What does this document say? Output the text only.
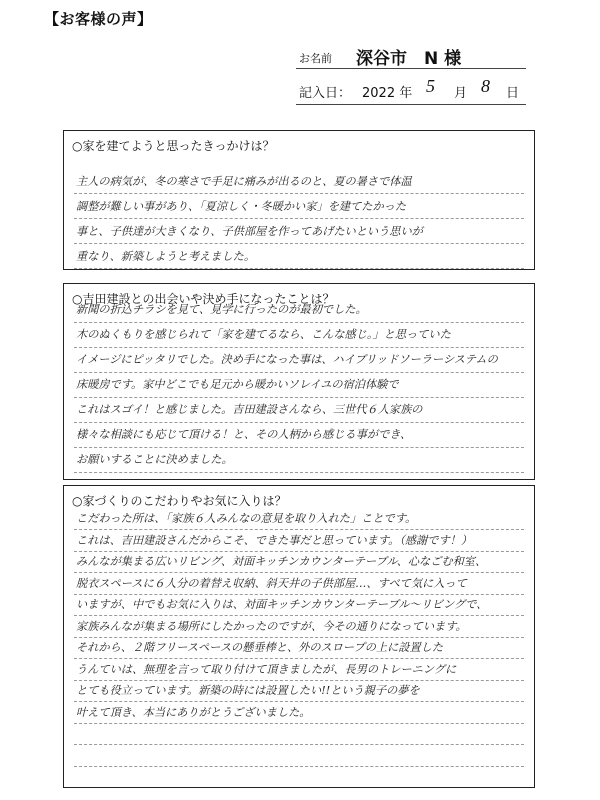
【お客様の声】
お名前 深谷市　N 様
記入日： 2022 年 5 月 8 日
○家を建てようと思ったきっかけは？
主人の病気が、冬の寒さで手足に痛みが出るのと、夏の暑さで体温
調整が難しい事があり、「夏涼しく・冬暖かい家」を建てたかった
事と、子供達が大きくなり、子供部屋を作ってあげたいという思いが
重なり、新築しようと考えました。
○吉田建設との出会いや決め手になったことは？
新聞の折込チラシを見て、見学に行ったのが最初でした。
木のぬくもりを感じられて「家を建てるなら、こんな感じ。」と思っていた
イメージにピッタリでした。決め手になった事は、ハイブリッドソーラーシステムの
床暖房です。家中どこでも足元から暖かいソレイユの宿泊体験で
これはスゴイ！と感じました。吉田建設さんなら、三世代６人家族の
様々な相談にも応じて頂ける！と、その人柄から感じる事ができ、
お願いすることに決めました。
○家づくりのこだわりやお気に入りは？
こだわった所は、「家族６人みんなの意見を取り入れた」ことです。
これは、吉田建設さんだからこそ、できた事だと思っています。（感謝です！）
みんなが集まる広いリビング、対面キッチンカウンターテーブル、心なごむ和室、
脱衣スペースに６人分の着替え収納、斜天井の子供部屋…、すべて気に入って
いますが、中でもお気に入りは、対面キッチンカウンターテーブル～リビングで、
家族みんなが集まる場所にしたかったのですが、今その通りになっています。
それから、２階フリースペースの懸垂棒と、外のスロープの上に設置した
うんていは、無理を言って取り付けて頂きましたが、長男のトレーニングに
とても役立っています。新築の時には設置したい!!という親子の夢を
叶えて頂き、本当にありがとうございました。
